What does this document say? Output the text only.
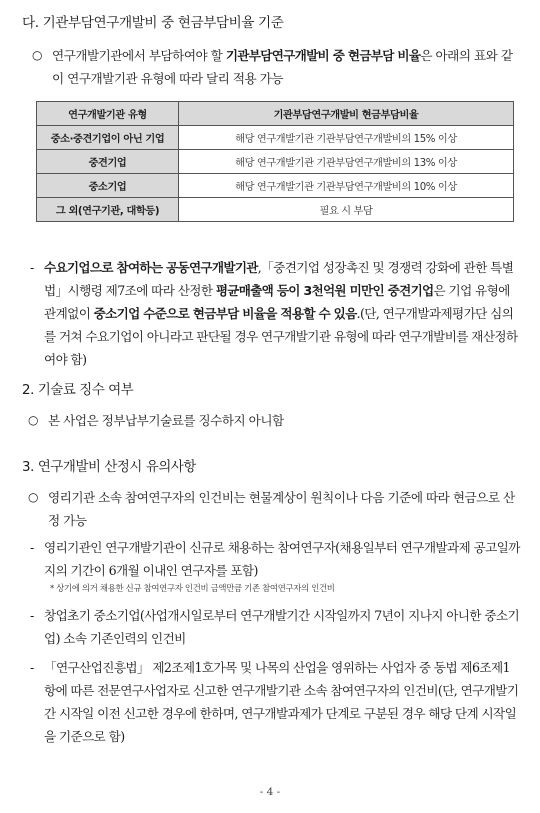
다. 기관부담연구개발비 중 현금부담비율 기준
○ 연구개발기관에서 부담하여야 할 기관부담연구개발비 중 현금부담 비율은 아래의 표와 같이 연구개발기관 유형에 따라 달리 적용 가능
연구개발기관 유형	기관부담연구개발비 현금부담비율
중소·중견기업이 아닌 기업	해당 연구개발기관 기관부담연구개발비의 15% 이상
중견기업	해당 연구개발기관 기관부담연구개발비의 13% 이상
중소기업	해당 연구개발기관 기관부담연구개발비의 10% 이상
그 외(연구기관, 대학등)	필요 시 부담
- 수요기업으로 참여하는 공동연구개발기관,「중견기업 성장촉진 및 경쟁력 강화에 관한 특별법」시행령 제7조에 따라 산정한 평균매출액 등이 3천억원 미만인 중견기업은 기업 유형에 관계없이 중소기업 수준으로 현금부담 비율을 적용할 수 있음.(단, 연구개발과제평가단 심의를 거쳐 수요기업이 아니라고 판단될 경우 연구개발기관 유형에 따라 연구개발비를 재산정하여야 함)
2. 기술료 징수 여부
○ 본 사업은 정부납부기술료를 징수하지 아니함
3. 연구개발비 산정시 유의사항
○ 영리기관 소속 참여연구자의 인건비는 현물계상이 원칙이나 다음 기준에 따라 현금으로 산정 가능
- 영리기관인 연구개발기관이 신규로 채용하는 참여연구자(채용일부터 연구개발과제 공고일까지의 기간이 6개월 이내인 연구자를 포함)
* 상기에 의거 채용한 신규 참여연구자 인건비 금액만큼 기존 참여연구자의 인건비
- 창업초기 중소기업(사업개시일로부터 연구개발기간 시작일까지 7년이 지나지 아니한 중소기업) 소속 기존인력의 인건비
- 「연구산업진흥법」 제2조제1호가목 및 나목의 산업을 영위하는 사업자 중 동법 제6조제1항에 따른 전문연구사업자로 신고한 연구개발기관 소속 참여연구자의 인건비(단, 연구개발기간 시작일 이전 신고한 경우에 한하며, 연구개발과제가 단계로 구분된 경우 해당 단계 시작일을 기준으로 함)
- 4 -
